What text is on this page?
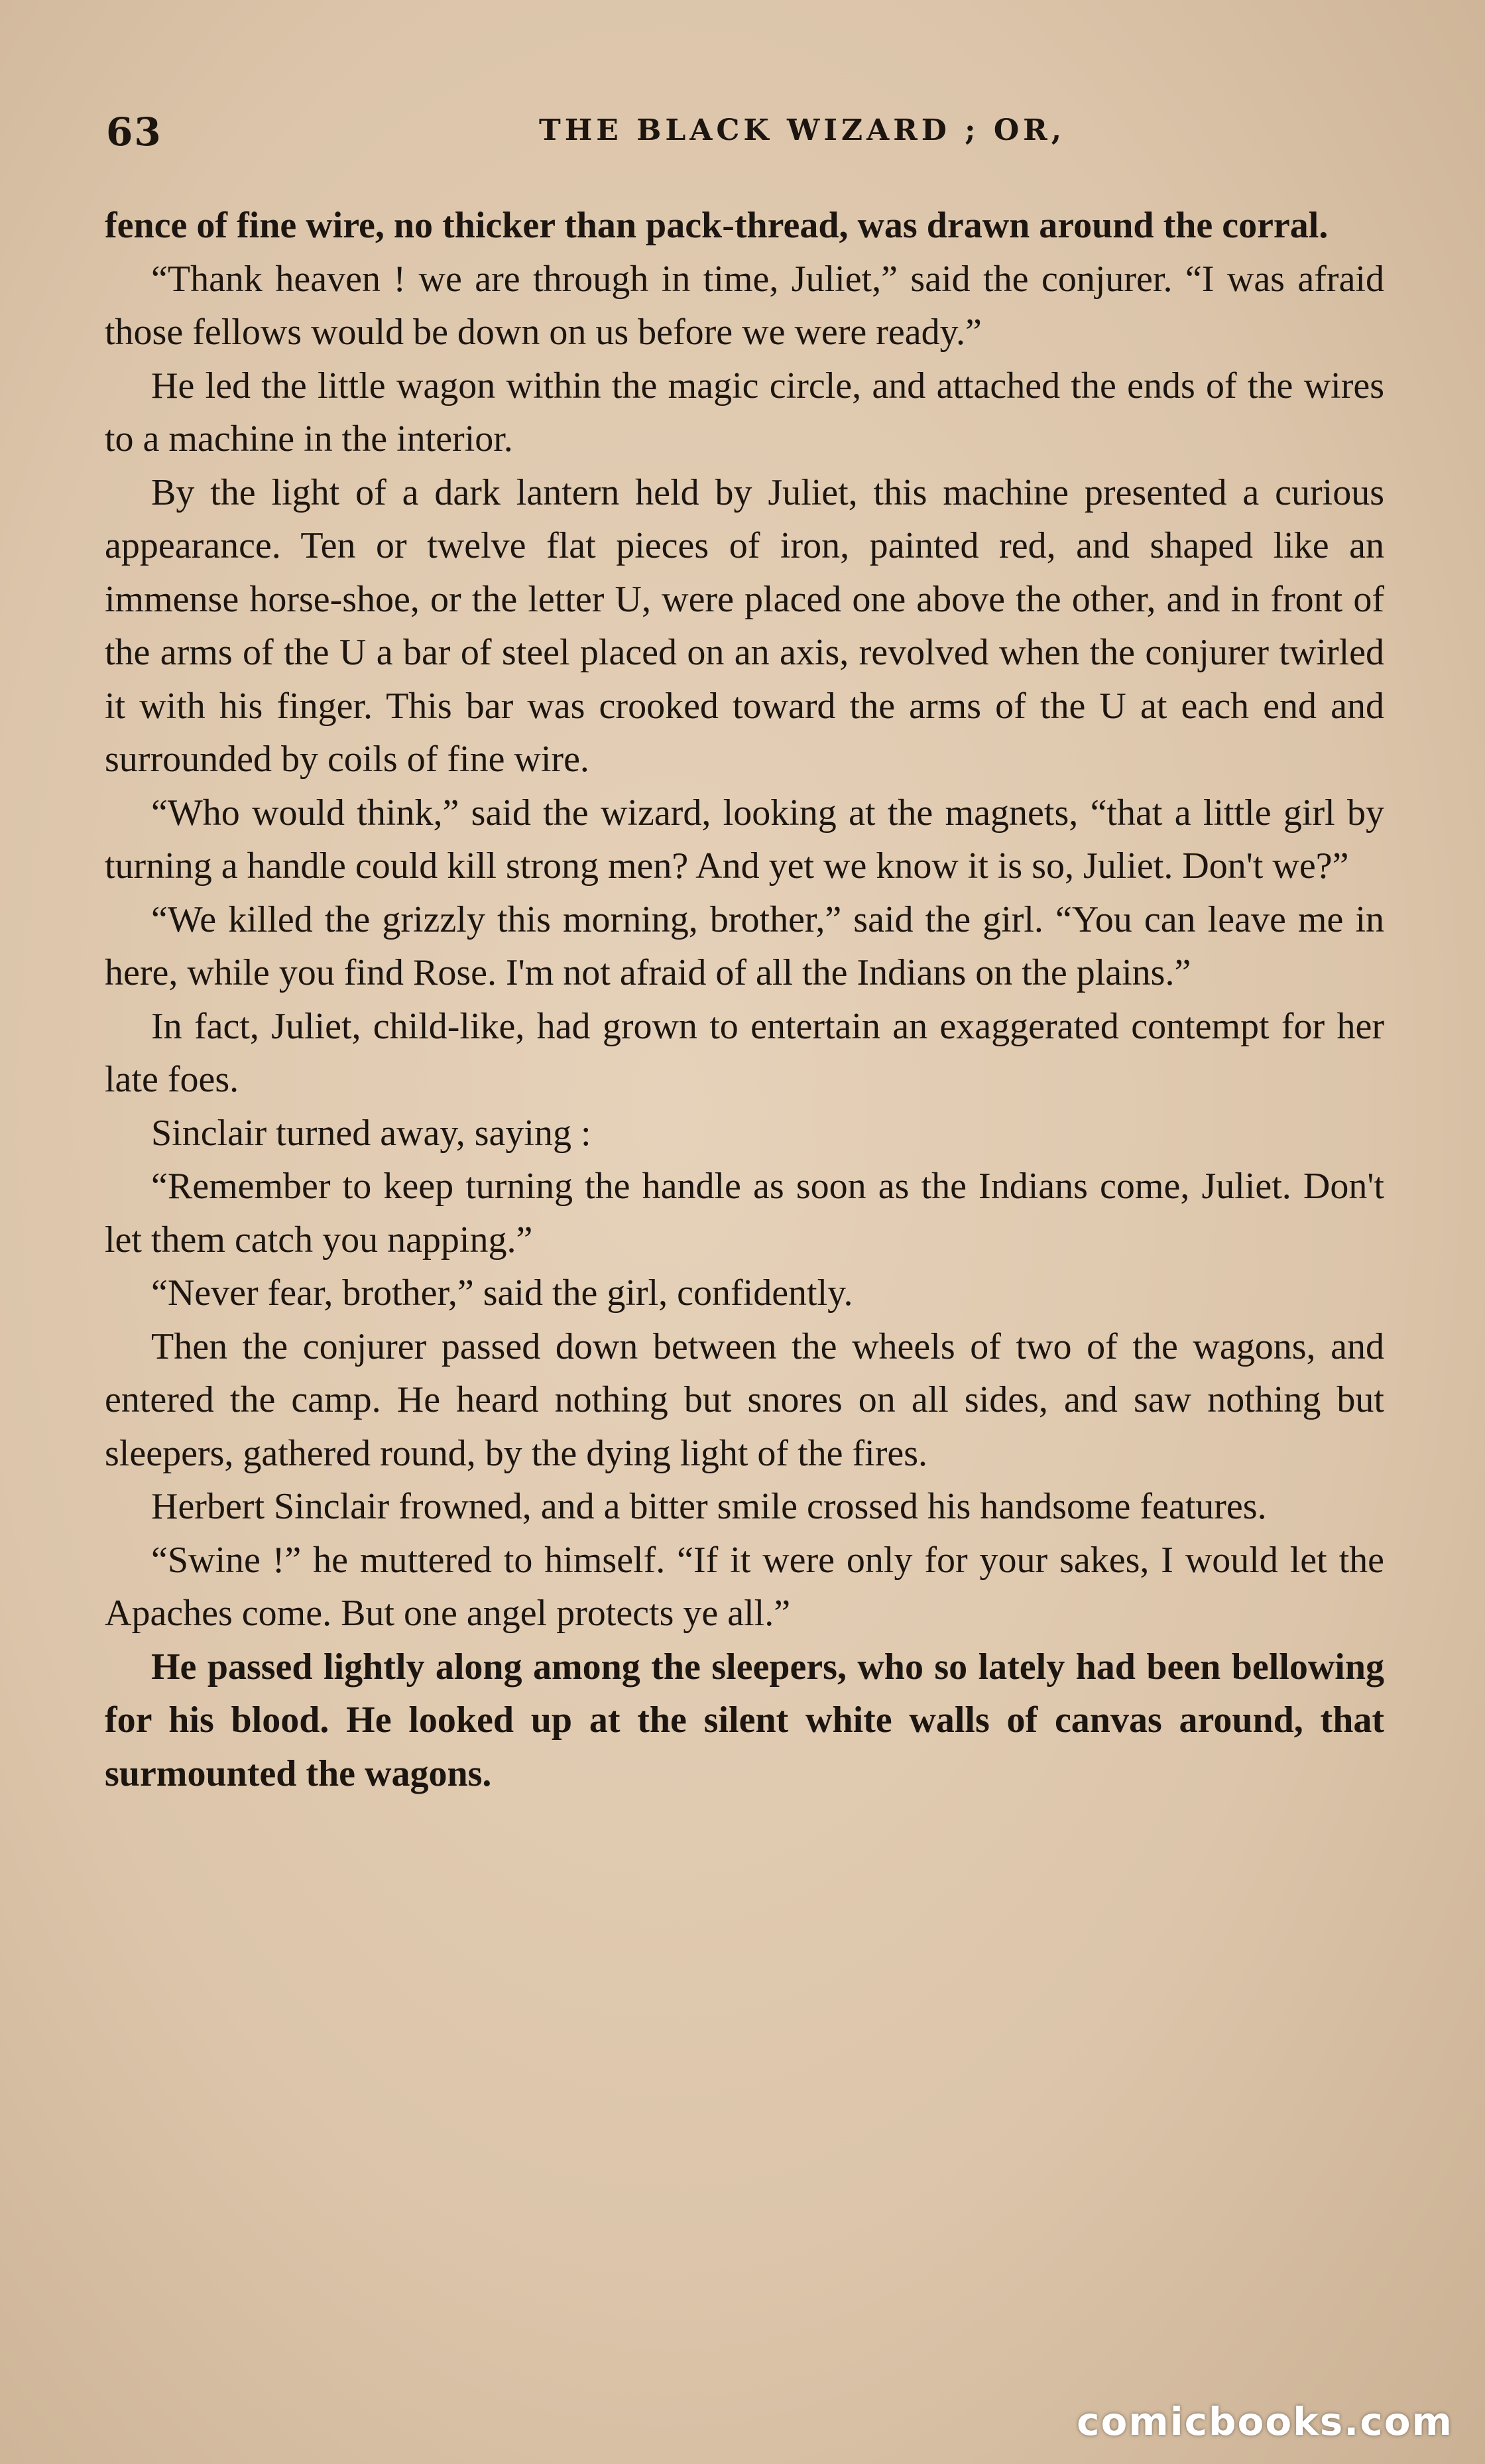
63	THE BLACK WIZARD ; OR,

fence of fine wire, no thicker than pack-thread, was drawn around the corral.

“Thank heaven ! we are through in time, Juliet,” said the conjurer. “I was afraid those fellows would be down on us before we were ready.”

He led the little wagon within the magic circle, and attached the ends of the wires to a machine in the interior.

By the light of a dark lantern held by Juliet, this machine presented a curious appearance. Ten or twelve flat pieces of iron, painted red, and shaped like an immense horse-shoe, or the letter U, were placed one above the other, and in front of the arms of the U a bar of steel placed on an axis, revolved when the conjurer twirled it with his finger. This bar was crooked toward the arms of the U at each end and surrounded by coils of fine wire.

“Who would think,” said the wizard, looking at the magnets, “that a little girl by turning a handle could kill strong men? And yet we know it is so, Juliet. Don't we?”

“We killed the grizzly this morning, brother,” said the girl. “You can leave me in here, while you find Rose. I'm not afraid of all the Indians on the plains.”

In fact, Juliet, child-like, had grown to entertain an exaggerated contempt for her late foes.

Sinclair turned away, saying :

“Remember to keep turning the handle as soon as the Indians come, Juliet. Don't let them catch you napping.”

“Never fear, brother,” said the girl, confidently.

Then the conjurer passed down between the wheels of two of the wagons, and entered the camp. He heard nothing but snores on all sides, and saw nothing but sleepers, gathered round, by the dying light of the fires.

Herbert Sinclair frowned, and a bitter smile crossed his handsome features.

“Swine !” he muttered to himself. “If it were only for your sakes, I would let the Apaches come. But one angel protects ye all.”

He passed lightly along among the sleepers, who so lately had been bellowing for his blood. He looked up at the silent white walls of canvas around, that surmounted the wagons.

comicbooks.com
